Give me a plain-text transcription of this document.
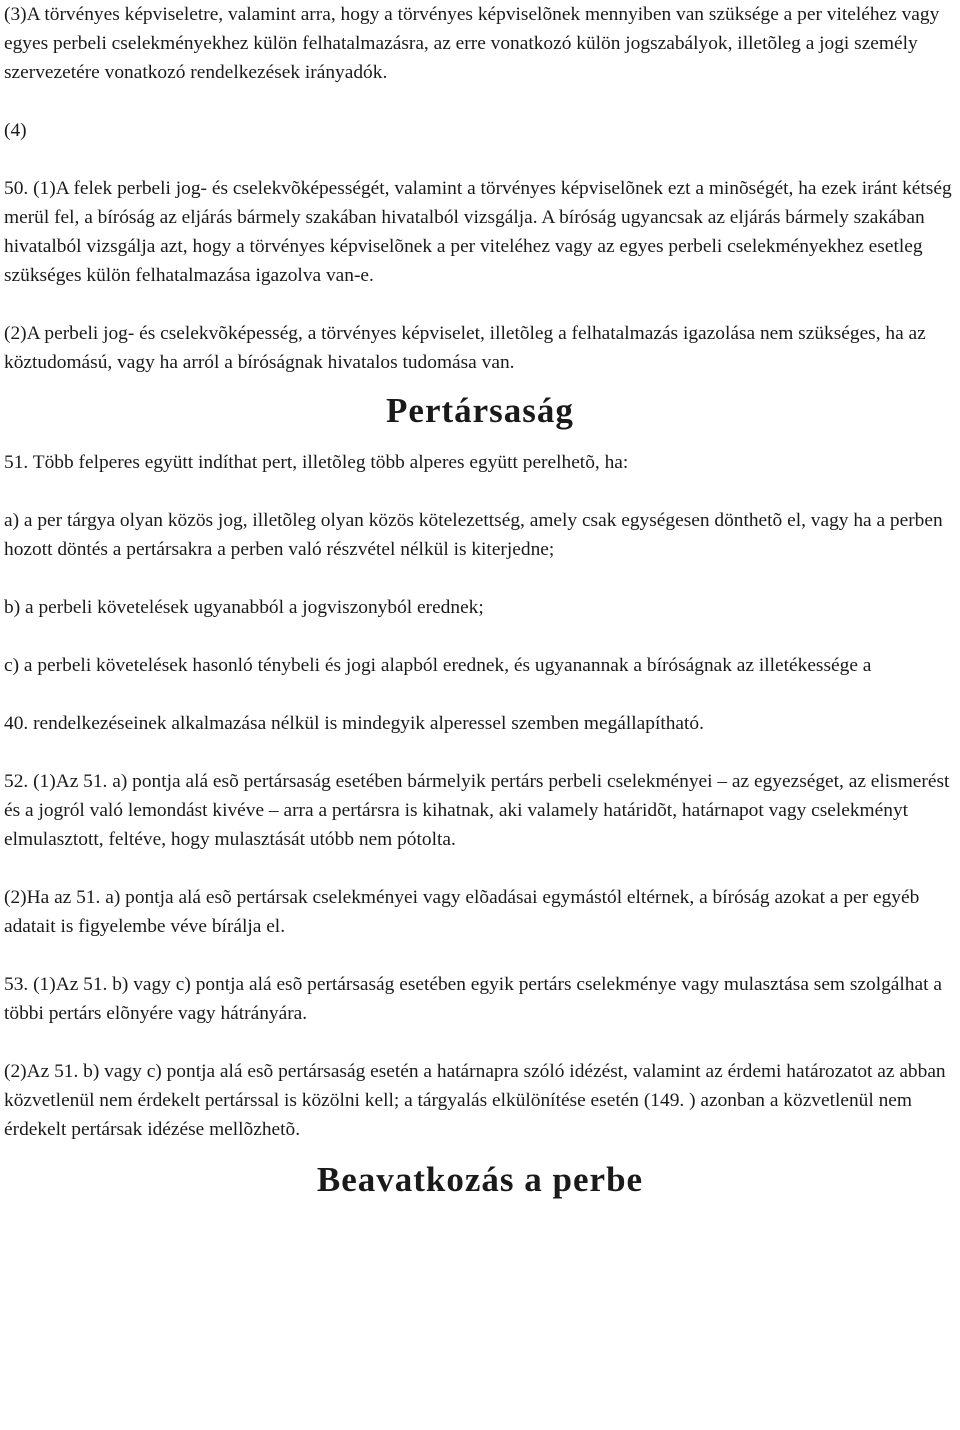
(3)A törvényes képviseletre, valamint arra, hogy a törvényes képviselõnek mennyiben van szüksége a per viteléhez vagy egyes perbeli cselekményekhez külön felhatalmazásra, az erre vonatkozó külön jogszabályok, illetõleg a jogi személy szervezetére vonatkozó rendelkezések irányadók.

(4)

50. (1)A felek perbeli jog- és cselekvõképességét, valamint a törvényes képviselõnek ezt a minõségét, ha ezek iránt kétség merül fel, a bíróság az eljárás bármely szakában hivatalból vizsgálja. A bíróság ugyancsak az eljárás bármely szakában hivatalból vizsgálja azt, hogy a törvényes képviselõnek a per viteléhez vagy az egyes perbeli cselekményekhez esetleg szükséges külön felhatalmazása igazolva van-e.

(2)A perbeli jog- és cselekvõképesség, a törvényes képviselet, illetõleg a felhatalmazás igazolása nem szükséges, ha az köztudomású, vagy ha arról a bíróságnak hivatalos tudomása van.

Pertársaság

51. Több felperes együtt indíthat pert, illetõleg több alperes együtt perelhetõ, ha:

a) a per tárgya olyan közös jog, illetõleg olyan közös kötelezettség, amely csak egységesen dönthetõ el, vagy ha a perben hozott döntés a pertársakra a perben való részvétel nélkül is kiterjedne;

b) a perbeli követelések ugyanabból a jogviszonyból erednek;

c) a perbeli követelések hasonló ténybeli és jogi alapból erednek, és ugyanannak a bíróságnak az illetékessége a

40. rendelkezéseinek alkalmazása nélkül is mindegyik alperessel szemben megállapítható.

52. (1)Az 51. a) pontja alá esõ pertársaság esetében bármelyik pertárs perbeli cselekményei – az egyezséget, az elismerést és a jogról való lemondást kivéve – arra a pertársra is kihatnak, aki valamely határidõt, határnapot vagy cselekményt elmulasztott, feltéve, hogy mulasztását utóbb nem pótolta.

(2)Ha az 51. a) pontja alá esõ pertársak cselekményei vagy elõadásai egymástól eltérnek, a bíróság azokat a per egyéb adatait is figyelembe véve bírálja el.

53. (1)Az 51. b) vagy c) pontja alá esõ pertársaság esetében egyik pertárs cselekménye vagy mulasztása sem szolgálhat a többi pertárs elõnyére vagy hátrányára.

(2)Az 51. b) vagy c) pontja alá esõ pertársaság esetén a határnapra szóló idézést, valamint az érdemi határozatot az abban közvetlenül nem érdekelt pertárssal is közölni kell; a tárgyalás elkülönítése esetén (149. ) azonban a közvetlenül nem érdekelt pertársak idézése mellõzhetõ.

Beavatkozás a perbe
